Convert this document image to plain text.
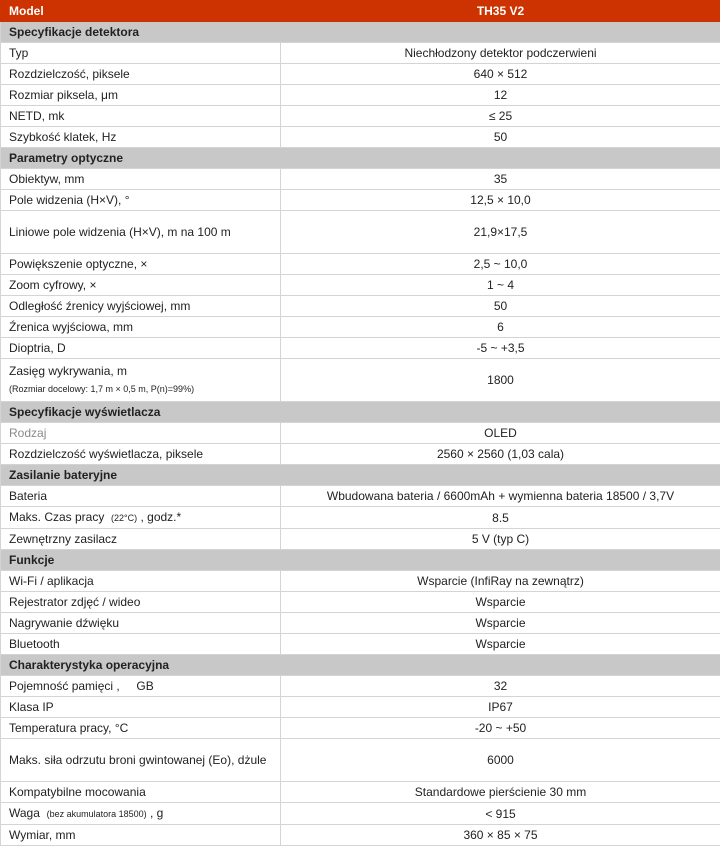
Model	TH35 V2
Specyfikacje detektora	
Typ	Niechłodzony detektor podczerwieni
Rozdzielczość, piksele	640 × 512
Rozmiar piksela, μm	12
NETD, mk	≤ 25
Szybkość klatek, Hz	50
Parametry optyczne	
Obiektyw, mm	35
Pole widzenia (H×V), °	12,5 × 10,0
Liniowe pole widzenia (H×V), m na 100 m	21,9×17,5
Powiększenie optyczne, ×	2,5 ~ 10,0
Zoom cyfrowy, ×	1 ~ 4
Odległość źrenicy wyjściowej, mm	50
Źrenica wyjściowa, mm	6
Dioptria, D	-5 ~ +3,5

Zasięg wykrywania, m
(Rozmiar docelowy: 1,7 m × 0,5 m, P(n)=99%)	1800
Specyfikacje wyświetlacza	
Rodzaj	OLED
Rozdzielczość wyświetlacza, piksele	2560 × 2560 (1,03 cala)
Zasilanie bateryjne	
Bateria	Wbudowana bateria / 6600mAh + wymienna bateria 18500 / 3,7V
Maks. Czas pracy (22°C) , godz.*	8.5
Zewnętrzny zasilacz	5 V (typ C)
Funkcje	
Wi-Fi / aplikacja	Wsparcie (InfiRay na zewnątrz)
Rejestrator zdjęć / wideo	Wsparcie
Nagrywanie dźwięku	Wsparcie
Bluetooth	Wsparcie
Charakterystyka operacyjna	
Pojemność pamięci , GB	32
Klasa IP	IP67
Temperatura pracy, °C	-20 ~ +50
Maks. siła odrzutu broni gwintowanej (Eo), dżule	6000
Kompatybilne mocowania	Standardowe pierścienie 30 mm
Waga (bez akumulatora 18500) , g	< 915
Wymiar, mm	360 × 85 × 75
